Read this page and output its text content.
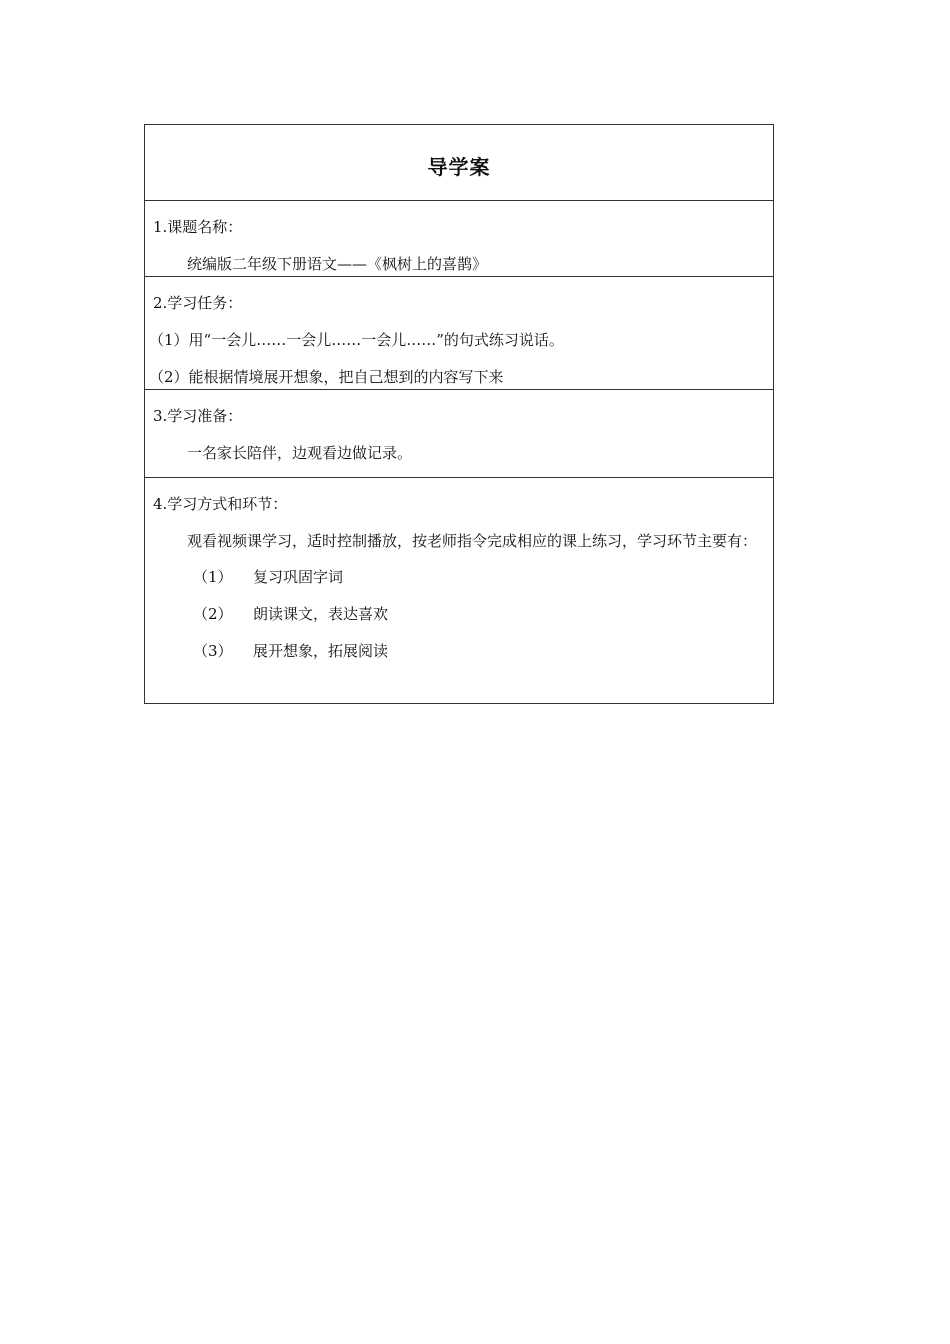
导学案
1.课题名称：
统编版二年级下册语文——《枫树上的喜鹊》
2.学习任务：
（1）用“一会儿……一会儿……一会儿……”的句式练习说话。
（2）能根据情境展开想象，把自己想到的内容写下来
3.学习准备：
一名家长陪伴，边观看边做记录。
4.学习方式和环节：
观看视频课学习，适时控制播放，按老师指令完成相应的课上练习，学习环节主要有：
（1）	复习巩固字词
（2）	朗读课文，表达喜欢
（3）	展开想象，拓展阅读
